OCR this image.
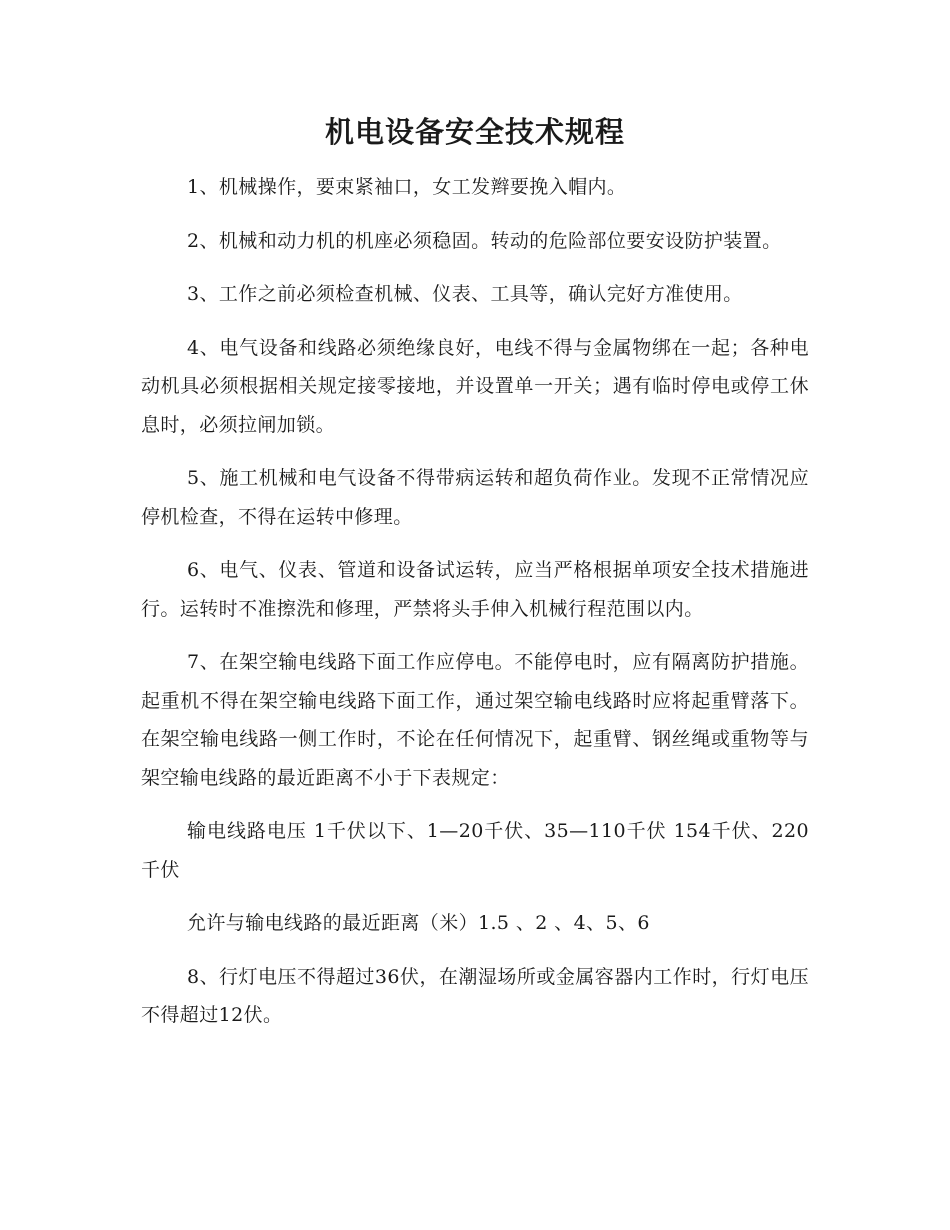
机电设备安全技术规程

1、机械操作，要束紧袖口，女工发辫要挽入帽内。

2、机械和动力机的机座必须稳固。转动的危险部位要安设防护装置。

3、工作之前必须检查机械、仪表、工具等，确认完好方准使用。

4、电气设备和线路必须绝缘良好，电线不得与金属物绑在一起；各种电动机具必须根据相关规定接零接地，并设置单一开关；遇有临时停电或停工休息时，必须拉闸加锁。

5、施工机械和电气设备不得带病运转和超负荷作业。发现不正常情况应停机检查，不得在运转中修理。

6、电气、仪表、管道和设备试运转，应当严格根据单项安全技术措施进行。运转时不准擦洗和修理，严禁将头手伸入机械行程范围以内。

7、在架空输电线路下面工作应停电。不能停电时，应有隔离防护措施。起重机不得在架空输电线路下面工作，通过架空输电线路时应将起重臂落下。在架空输电线路一侧工作时，不论在任何情况下，起重臂、钢丝绳或重物等与架空输电线路的最近距离不小于下表规定：

输电线路电压 1千伏以下、1—20千伏、35—110千伏 154千伏、220千伏

允许与输电线路的最近距离（米）1.5 、2 、4、5、6

8、行灯电压不得超过36伏，在潮湿场所或金属容器内工作时，行灯电压不得超过12伏。
